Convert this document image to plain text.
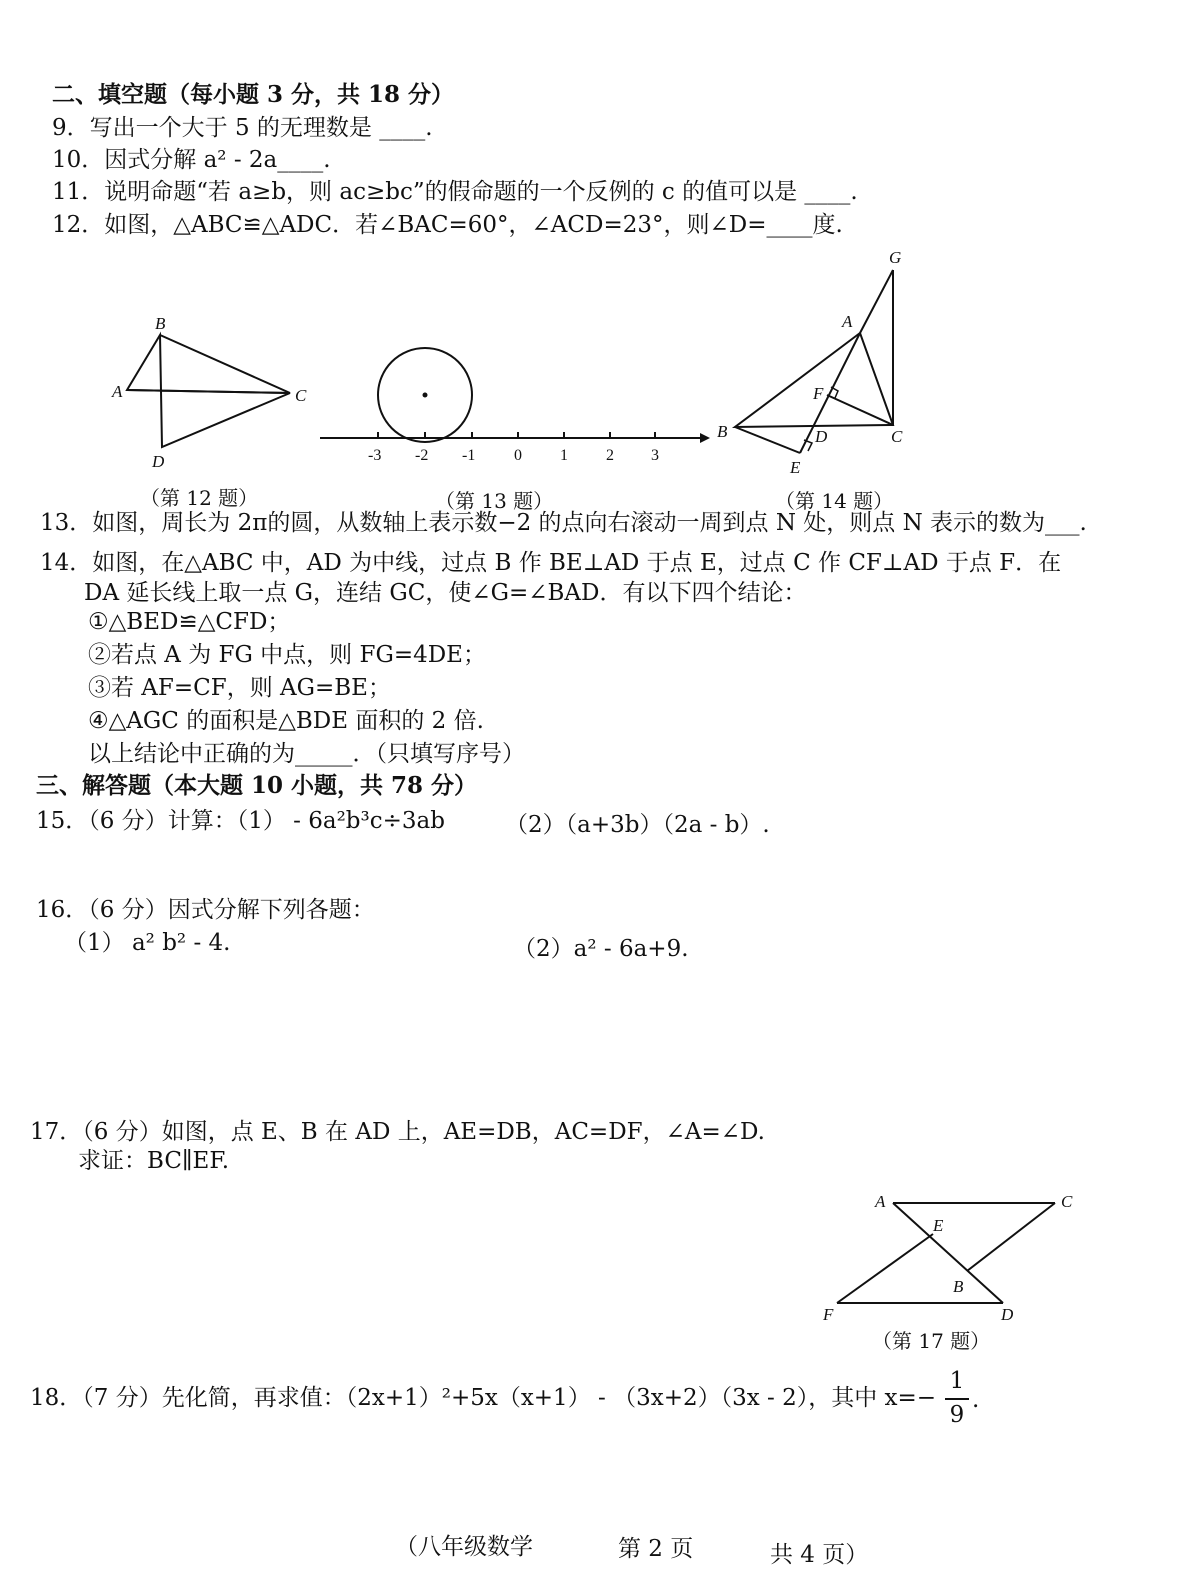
二、填空题（每小题 3 分，共 18 分）
9．写出一个大于 5 的无理数是 ____.
10．因式分解 a² - 2a____.
11．说明命题“若 a≥b，则 ac≥bc”的假命题的一个反例的 c 的值可以是 ____.
12．如图，△ABC≌△ADC．若∠BAC=60°，∠ACD=23°，则∠D=____度.
B
A	C
D
（第 12 题）
-3 -2 -1 0 1 2 3
（第 13 题）
G
A
F
B	D	C
E
（第 14 题）
13．如图，周长为 2π的圆，从数轴上表示数−2 的点向右滚动一周到点 N 处，则点 N 表示的数为___.
14．如图，在△ABC 中，AD 为中线，过点 B 作 BE⊥AD 于点 E，过点 C 作 CF⊥AD 于点 F．在
DA 延长线上取一点 G，连结 GC，使∠G=∠BAD．有以下四个结论：
①△BED≌△CFD；
②若点 A 为 FG 中点，则 FG=4DE；
③若 AF=CF，则 AG=BE；
④△AGC 的面积是△BDE 面积的 2 倍.
以上结论中正确的为_____．（只填写序号）
三、解答题（本大题 10 小题，共 78 分）
15．（6 分）计算：（1） - 6a²b³c÷3ab	（2）（a+3b）（2a - b）.
16．（6 分）因式分解下列各题：
（1） a² b² - 4.	（2）a² - 6a+9.
17．（6 分）如图，点 E、B 在 AD 上，AE=DB，AC=DF，∠A=∠D.
求证：BC∥EF.
A	C
E
B
F	D
（第 17 题）
18．（7 分）先化简，再求值：（2x+1）²+5x（x+1） - （3x+2）（3x - 2），其中 x=−
1
9
.
（八年级数学	第 2 页	共 4 页）
